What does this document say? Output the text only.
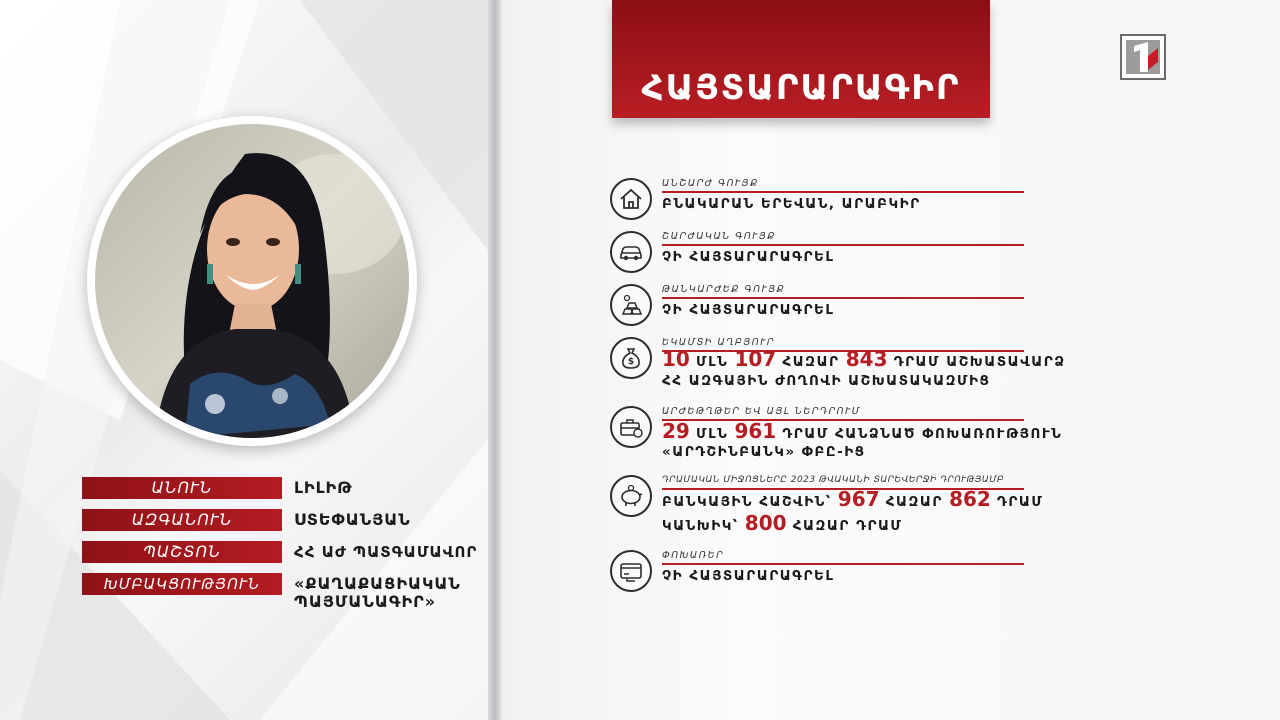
ՀԱՅՏԱՐԱՐԱԳԻՐ
ԱՆՈՒՆ	ԼԻԼԻԹ
ԱԶԳԱՆՈՒՆ	ՍՏԵՓԱՆՅԱՆ
ՊԱՇՏՈՆ	ՀՀ ԱԺ ՊԱՏԳԱՄԱՎՈՐ
ԽՄԲԱԿՑՈՒԹՅՈՒՆ	«ՔԱՂԱՔԱՑԻԱԿԱՆ
ՊԱՅՄԱՆԱԳԻՐ»
ԱՆՇԱՐԺ ԳՈՒՅՔ
ԲՆԱԿԱՐԱՆ ԵՐԵՎԱՆ, ԱՐԱԲԿԻՐ
ՇԱՐԺԱԿԱՆ ԳՈՒՅՔ
ՉԻ ՀԱՅՏԱՐԱՐԱԳՐԵԼ
ԹԱՆԿԱՐԺԵՔ ԳՈՒՅՔ
ՉԻ ՀԱՅՏԱՐԱՐԱԳՐԵԼ
$
ԵԿԱՄՏԻ ԱՂԲՅՈՒՐ
10 ՄԼՆ 107 ՀԱԶԱՐ 843 ԴՐԱՄ ԱՇԽԱՏԱՎԱՐՁ
ՀՀ ԱԶԳԱՅԻՆ ԺՈՂՈՎԻ ԱՇԽԱՏԱԿԱԶՄԻՑ
ԱՐԺԵԹՂԹԵՐ ԵՎ ԱՅԼ ՆԵՐԴՐՈՒՄ
29 ՄԼՆ 961 ԴՐԱՄ ՀԱՆՁՆԱԾ ՓՈԽԱՌՈՒԹՅՈՒՆ
«ԱՐԴՇԻՆԲԱՆԿ» ՓԲԸ-ԻՑ
ԴՐԱՄԱԿԱՆ ՄԻՋՈՑՆԵՐԸ 2023 ԹՎԱԿԱՆԻ ՏԱՐԵՎԵՐՋԻ ԴՐՈՒԹՅԱՄԲ
ԲԱՆԿԱՅԻՆ ՀԱՇՎԻՆ՝ 967 ՀԱԶԱՐ 862 ԴՐԱՄ
ԿԱՆԽԻԿ՝ 800 ՀԱԶԱՐ ԴՐԱՄ
ՓՈԽԱՌԵՐ
ՉԻ ՀԱՅՏԱՐԱՐԱԳՐԵԼ
